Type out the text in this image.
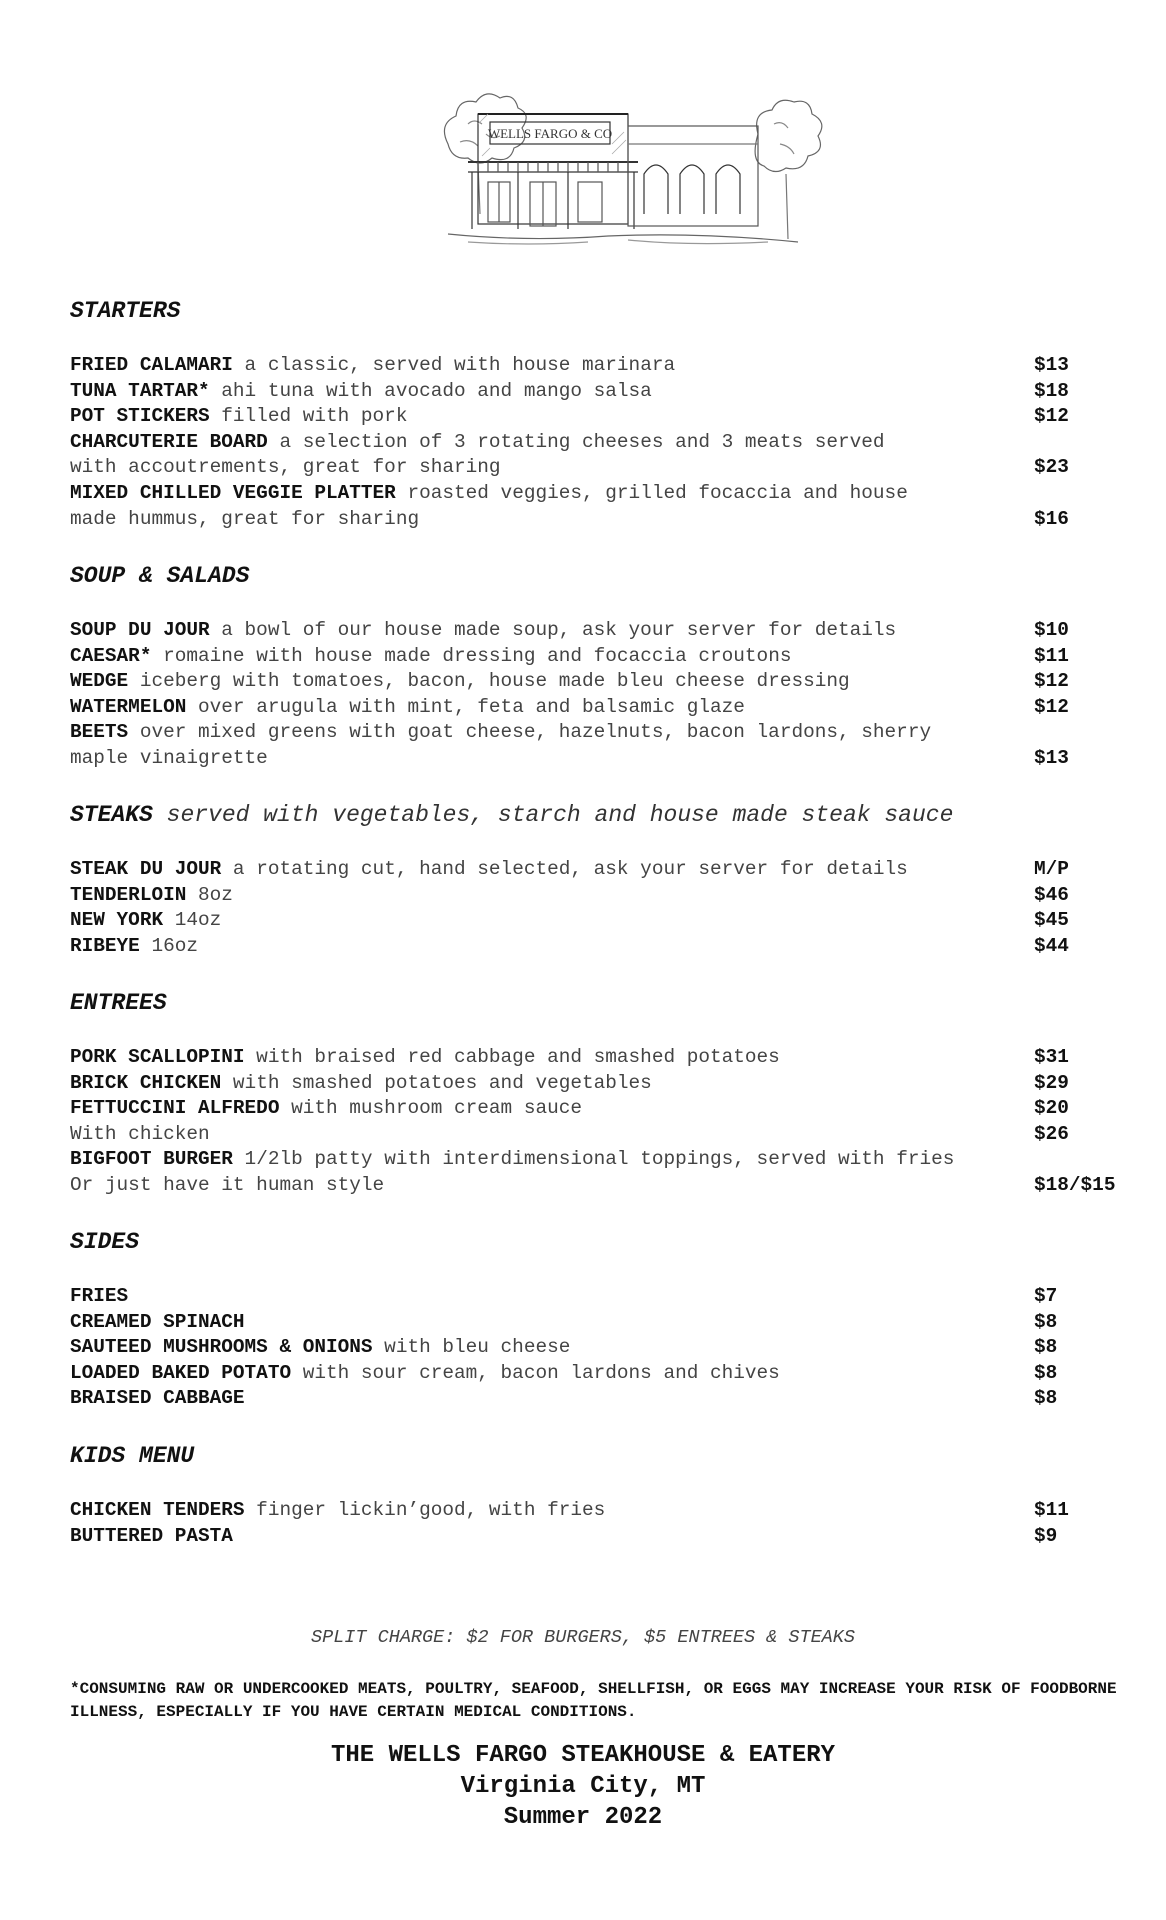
WELLS FARGO & CO
STARTERS
FRIED CALAMARI a classic, served with house marinara	$13
TUNA TARTAR* ahi tuna with avocado and mango salsa	$18
POT STICKERS filled with pork	$12
CHARCUTERIE BOARD a selection of 3 rotating cheeses and 3 meats served
with accoutrements, great for sharing	$23
MIXED CHILLED VEGGIE PLATTER roasted veggies, grilled focaccia and house
made hummus, great for sharing	$16
SOUP & SALADS
SOUP DU JOUR a bowl of our house made soup, ask your server for details	$10
CAESAR* romaine with house made dressing and focaccia croutons	$11
WEDGE iceberg with tomatoes, bacon, house made bleu cheese dressing	$12
WATERMELON over arugula with mint, feta and balsamic glaze	$12
BEETS over mixed greens with goat cheese, hazelnuts, bacon lardons, sherry
maple vinaigrette	$13
STEAKS served with vegetables, starch and house made steak sauce
STEAK DU JOUR a rotating cut, hand selected, ask your server for details	M/P
TENDERLOIN 8oz	$46
NEW YORK 14oz	$45
RIBEYE 16oz	$44
ENTREES
PORK SCALLOPINI with braised red cabbage and smashed potatoes	$31
BRICK CHICKEN with smashed potatoes and vegetables	$29
FETTUCCINI ALFREDO with mushroom cream sauce	$20
With chicken	$26
BIGFOOT BURGER 1/2lb patty with interdimensional toppings, served with fries
Or just have it human style	$18/$15
SIDES
FRIES	$7
CREAMED SPINACH	$8
SAUTEED MUSHROOMS & ONIONS with bleu cheese	$8
LOADED BAKED POTATO with sour cream, bacon lardons and chives	$8
BRAISED CABBAGE	$8
KIDS MENU
CHICKEN TENDERS finger lickin’good, with fries	$11
BUTTERED PASTA	$9
SPLIT CHARGE: $2 FOR BURGERS, $5 ENTREES & STEAKS
*CONSUMING RAW OR UNDERCOOKED MEATS, POULTRY, SEAFOOD, SHELLFISH, OR EGGS MAY INCREASE YOUR RISK OF FOODBORNE ILLNESS, ESPECIALLY IF YOU HAVE CERTAIN MEDICAL CONDITIONS.
THE WELLS FARGO STEAKHOUSE & EATERY
Virginia City, MT
Summer 2022
